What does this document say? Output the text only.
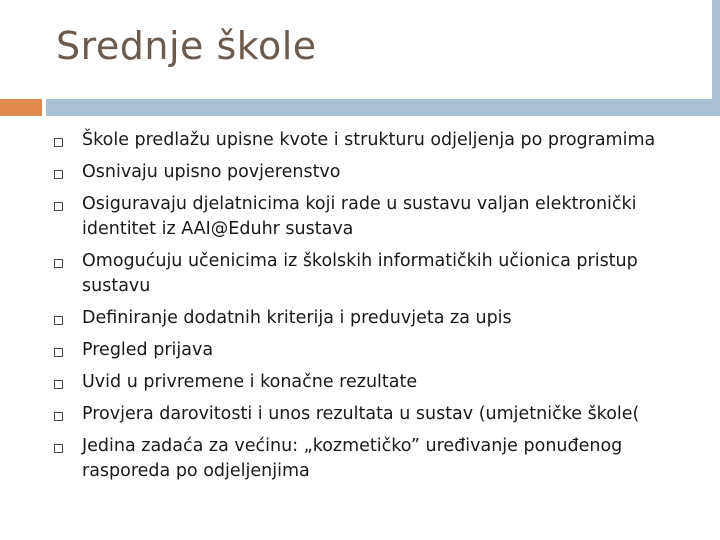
Srednje škole
Škole predlažu upisne kvote i strukturu odjeljenja po programima
Osnivaju upisno povjerenstvo
Osiguravaju djelatnicima koji rade u sustavu valjan elektronički identitet iz AAI@Eduhr sustava
Omogućuju učenicima iz školskih informatičkih učionica pristup sustavu
Definiranje dodatnih kriterija i preduvjeta za upis
Pregled prijava
Uvid u privremene i konačne rezultate
Provjera darovitosti i unos rezultata u sustav (umjetničke škole(
Jedina zadaća za većinu: „kozmetičko” uređivanje ponuđenog rasporeda po odjeljenjima
